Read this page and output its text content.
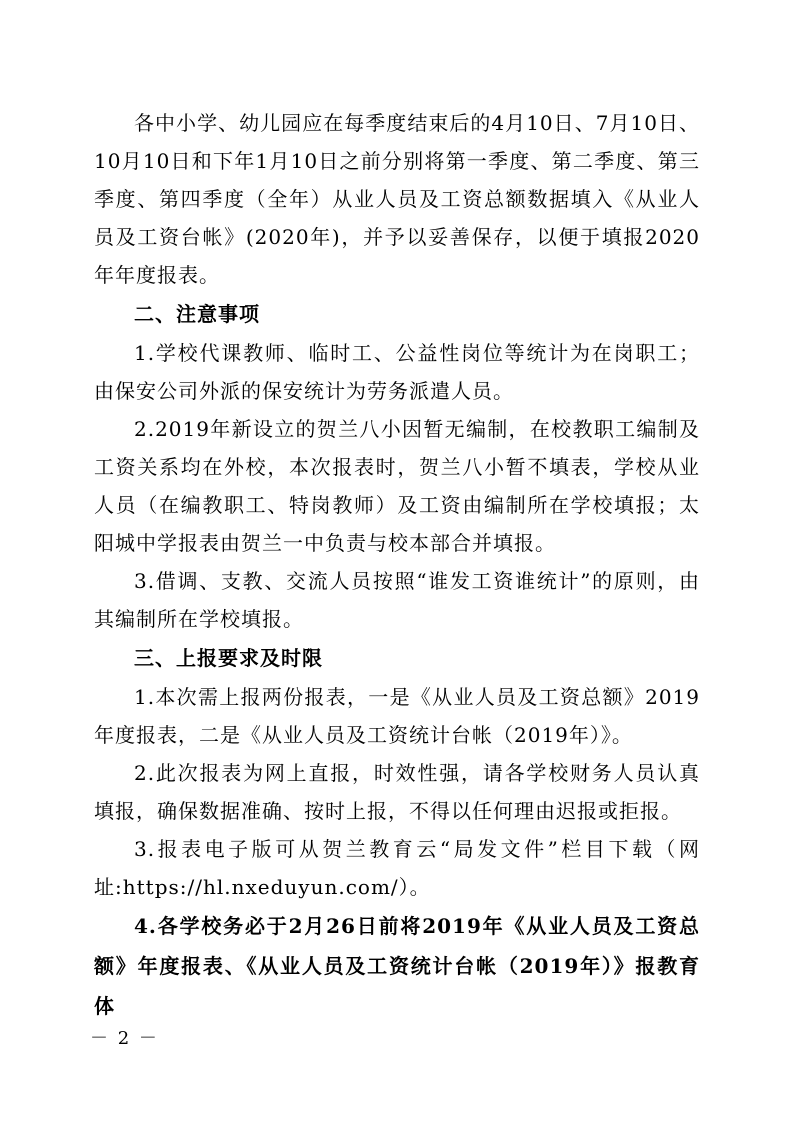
各中小学、幼儿园应在每季度结束后的4月10日、7月10日、10月10日和下年1月10日之前分别将第一季度、第二季度、第三季度、第四季度（全年）从业人员及工资总额数据填入《从业人员及工资台帐》(2020年)，并予以妥善保存，以便于填报2020年年度报表。

二、注意事项

1.学校代课教师、临时工、公益性岗位等统计为在岗职工；由保安公司外派的保安统计为劳务派遣人员。

2.2019年新设立的贺兰八小因暂无编制，在校教职工编制及工资关系均在外校，本次报表时，贺兰八小暂不填表，学校从业人员（在编教职工、特岗教师）及工资由编制所在学校填报；太阳城中学报表由贺兰一中负责与校本部合并填报。

3.借调、支教、交流人员按照“谁发工资谁统计”的原则，由其编制所在学校填报。

三、上报要求及时限

1.本次需上报两份报表，一是《从业人员及工资总额》2019年度报表，二是《从业人员及工资统计台帐（2019年）》。

2.此次报表为网上直报，时效性强，请各学校财务人员认真填报，确保数据准确、按时上报，不得以任何理由迟报或拒报。

3.报表电子版可从贺兰教育云“局发文件”栏目下载（网址:https://hl.nxeduyun.com/）。

4.各学校务必于2月26日前将2019年《从业人员及工资总额》年度报表、《从业人员及工资统计台帐（2019年）》报教育体

－ 2 －
